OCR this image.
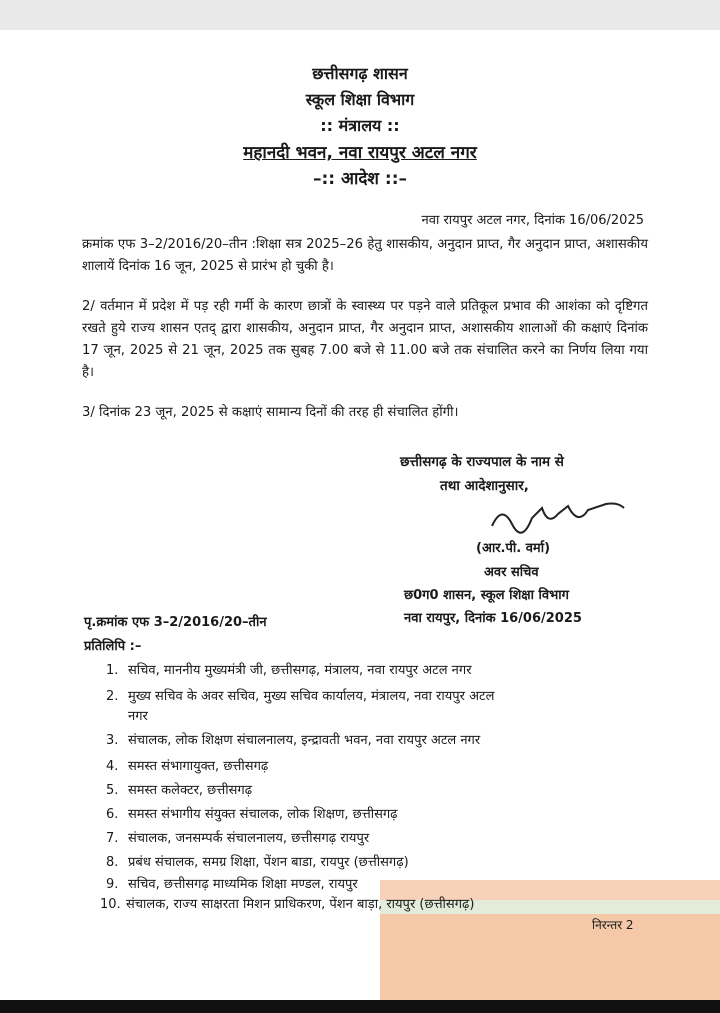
छत्तीसगढ़ शासन
स्कूल शिक्षा विभाग
:: मंत्रालय ::
महानदी भवन, नवा रायपुर अटल नगर
–:: आदेश ::–
नवा रायपुर अटल नगर, दिनांक 16/06/2025
क्रमांक एफ 3–2/2016/20–तीन :शिक्षा सत्र 2025–26 हेतु शासकीय, अनुदान प्राप्त, गैर अनुदान प्राप्त, अशासकीय शालायें दिनांक 16 जून, 2025 से प्रारंभ हो चुकी है।
2/ वर्तमान में प्रदेश में पड़ रही गर्मी के कारण छात्रों के स्वास्थ्य पर पड़ने वाले प्रतिकूल प्रभाव की आशंका को दृष्टिगत रखते हुये राज्य शासन एतद् द्वारा शासकीय, अनुदान प्राप्त, गैर अनुदान प्राप्त, अशासकीय शालाओं की कक्षाएं दिनांक 17 जून, 2025 से 21 जून, 2025 तक सुबह 7.00 बजे से 11.00 बजे तक संचालित करने का निर्णय लिया गया है।
3/ दिनांक 23 जून, 2025 से कक्षाएं सामान्य दिनों की तरह ही संचालित होंगी।
छत्तीसगढ़ के राज्यपाल के नाम से
तथा आदेशानुसार,
(आर.पी. वर्मा)
अवर सचिव
छ0ग0 शासन, स्कूल शिक्षा विभाग
नवा रायपुर, दिनांक 16/06/2025
पृ.क्रमांक एफ 3–2/2016/20–तीन
प्रतिलिपि :–
1. सचिव, माननीय मुख्यमंत्री जी, छत्तीसगढ़, मंत्रालय, नवा रायपुर अटल नगर
2. मुख्य सचिव के अवर सचिव, मुख्य सचिव कार्यालय, मंत्रालय, नवा रायपुर अटल
नगर
3. संचालक, लोक शिक्षण संचालनालय, इन्द्रावती भवन, नवा रायपुर अटल नगर
4. समस्त संभागायुक्त, छत्तीसगढ़
5. समस्त कलेक्टर, छत्तीसगढ़
6. समस्त संभागीय संयुक्त संचालक, लोक शिक्षण, छत्तीसगढ़
7. संचालक, जनसम्पर्क संचालनालय, छत्तीसगढ़ रायपुर
8. प्रबंध संचालक, समग्र शिक्षा, पेंशन बाडा, रायपुर (छत्तीसगढ़)
9. सचिव, छत्तीसगढ़ माध्यमिक शिक्षा मण्डल, रायपुर
10. संचालक, राज्य साक्षरता मिशन प्राधिकरण, पेंशन बाड़ा, रायपुर (छत्तीसगढ़)
निरन्तर 2
